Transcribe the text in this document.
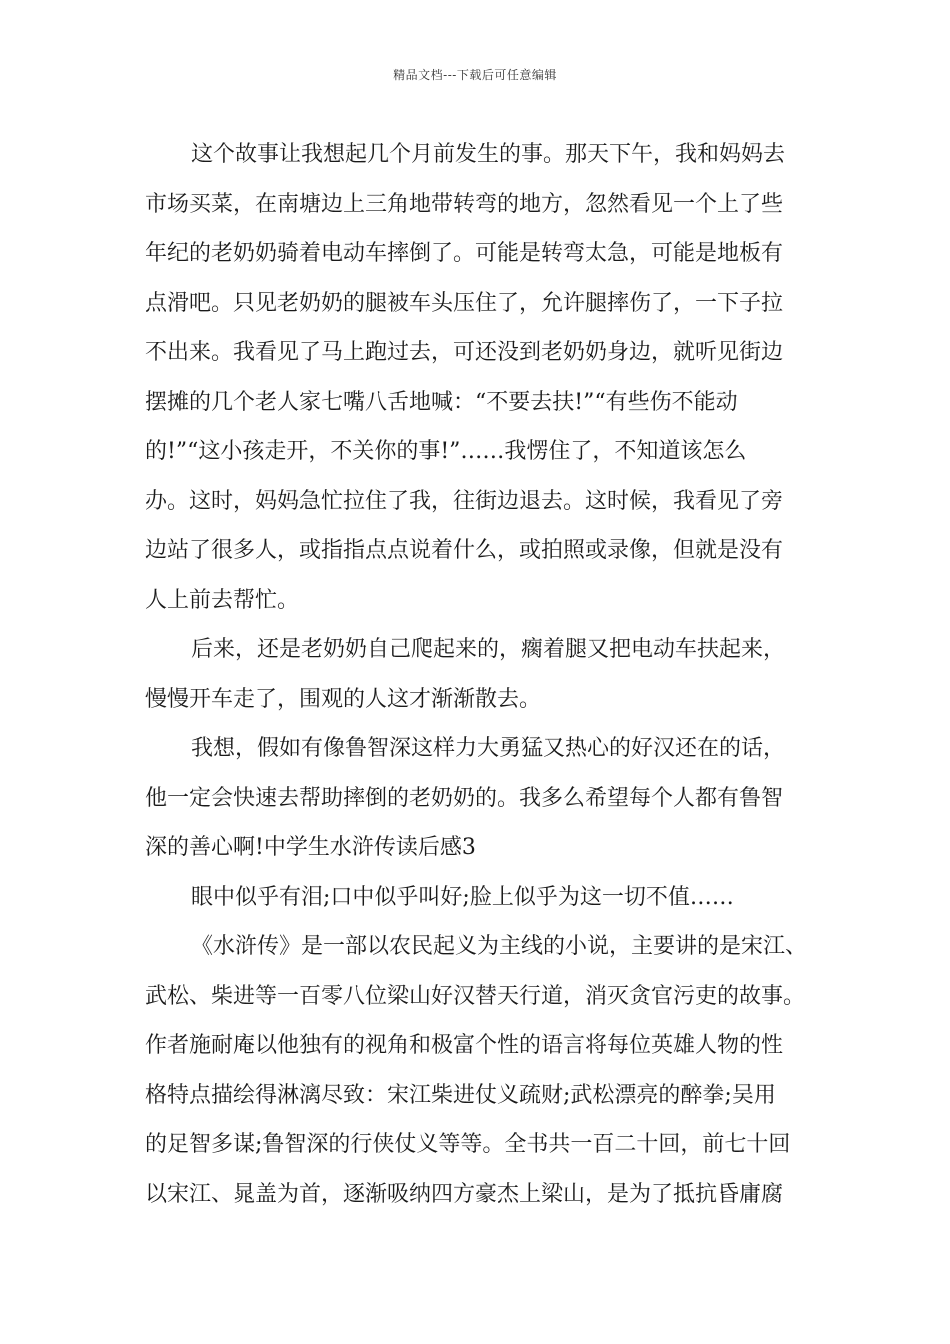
精品文档---下载后可任意编辑
这个故事让我想起几个月前发生的事。那天下午，我和妈妈去
市场买菜，在南塘边上三角地带转弯的地方，忽然看见一个上了些
年纪的老奶奶骑着电动车摔倒了。可能是转弯太急，可能是地板有
点滑吧。只见老奶奶的腿被车头压住了，允许腿摔伤了，一下子拉
不出来。我看见了马上跑过去，可还没到老奶奶身边，就听见街边
摆摊的几个老人家七嘴八舌地喊：“不要去扶!”“有些伤不能动
的!”“这小孩走开，不关你的事!”……我愣住了，不知道该怎么
办。这时，妈妈急忙拉住了我，往街边退去。这时候，我看见了旁
边站了很多人，或指指点点说着什么，或拍照或录像，但就是没有
人上前去帮忙。
后来，还是老奶奶自己爬起来的，瘸着腿又把电动车扶起来，
慢慢开车走了，围观的人这才渐渐散去。
我想，假如有像鲁智深这样力大勇猛又热心的好汉还在的话，
他一定会快速去帮助摔倒的老奶奶的。我多么希望每个人都有鲁智
深的善心啊!中学生水浒传读后感3
眼中似乎有泪;口中似乎叫好;脸上似乎为这一切不值……
《水浒传》是一部以农民起义为主线的小说，主要讲的是宋江、
武松、柴进等一百零八位梁山好汉替天行道，消灭贪官污吏的故事。
作者施耐庵以他独有的视角和极富个性的语言将每位英雄人物的性
格特点描绘得淋漓尽致：宋江柴进仗义疏财;武松漂亮的醉拳;吴用
的足智多谋;鲁智深的行侠仗义等等。全书共一百二十回，前七十回
以宋江、晁盖为首，逐渐吸纳四方豪杰上梁山，是为了抵抗昏庸腐
